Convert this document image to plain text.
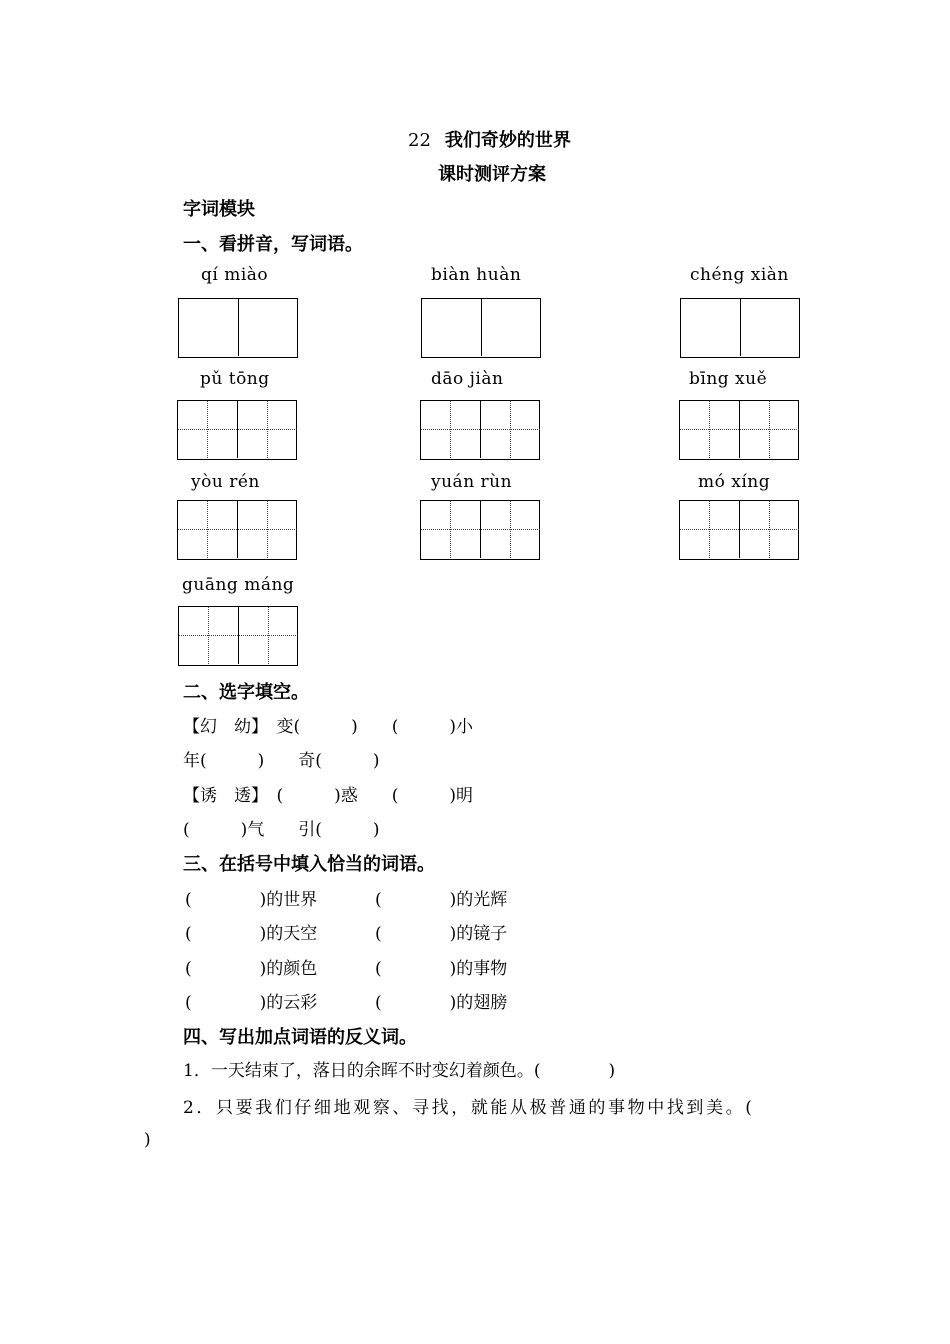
22 我们奇妙的世界
课时测评方案
字词模块
一、看拼音，写词语。
qí miào	biàn huàn	chéng xiàn
pǔ tōng	dāo jiàn	bīng xuě
yòu rén	yuán rùn	mó xíng
guāng máng
二、选字填空。
【幻　幼】　变(　　　)　　(　　　)小
年(　　　)　　奇(　　　)
【诱　透】　(　　　)惑　　(　　　)明
(　　　)气　　引(　　　)
三、在括号中填入恰当的词语。
(　　　　)的世界	(　　　　)的光辉
(　　　　)的天空	(　　　　)的镜子
(　　　　)的颜色	(　　　　)的事物
(　　　　)的云彩	(　　　　)的翅膀
四、写出加点词语的反义词。
1．一天结束了，落日的余晖不时变幻着颜色。(　　　　)
2．只要我们仔细地观察、寻找，就能从极普通的事物中找到美。(
)
